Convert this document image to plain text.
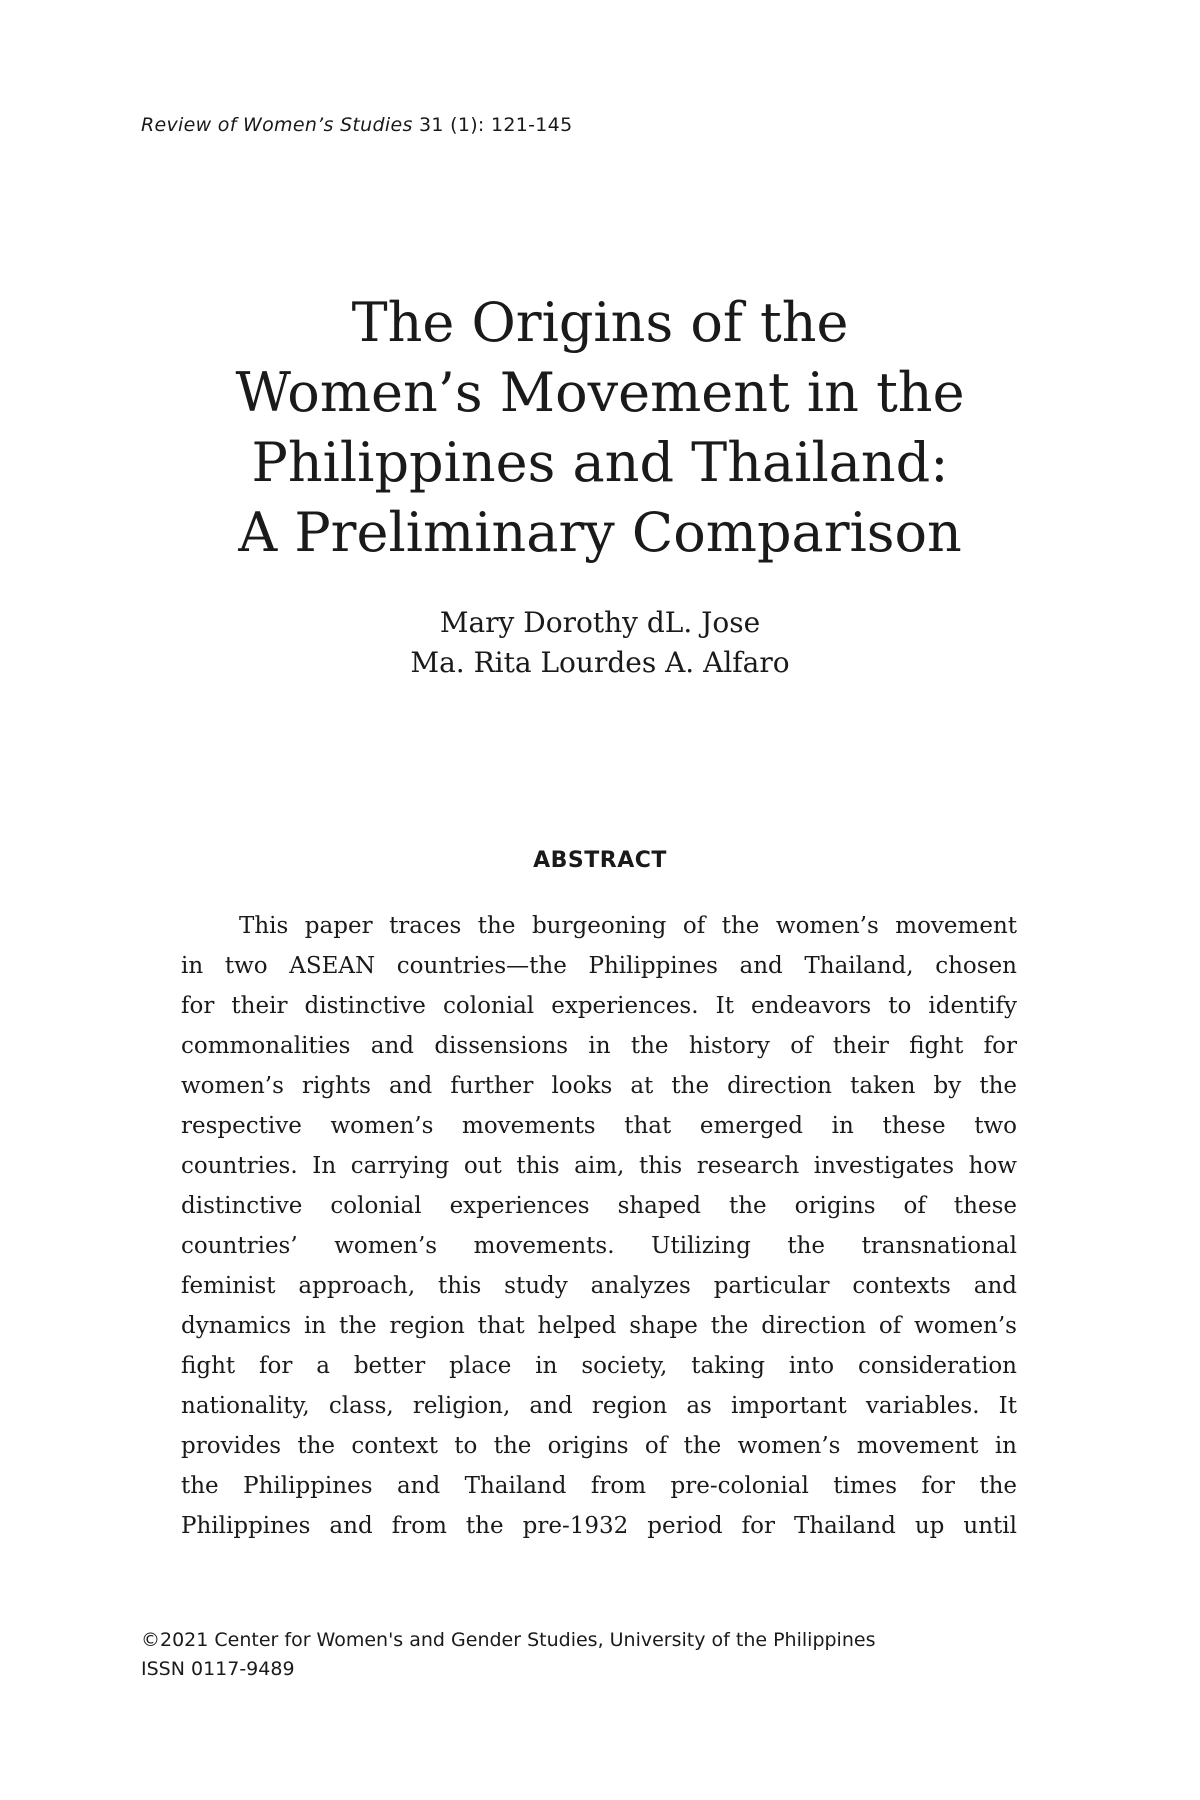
Review of Women’s Studies 31 (1): 121-145
The Origins of the
Women’s Movement in the
Philippines and Thailand:
A Preliminary Comparison
Mary Dorothy dL. Jose
Ma. Rita Lourdes A. Alfaro
ABSTRACT
This paper traces the burgeoning of the women’s movement
in two ASEAN countries—the Philippines and Thailand, chosen
for their distinctive colonial experiences. It endeavors to identify
commonalities and dissensions in the history of their fight for
women’s rights and further looks at the direction taken by the
respective women’s movements that emerged in these two
countries. In carrying out this aim, this research investigates how
distinctive colonial experiences shaped the origins of these
countries’ women’s movements. Utilizing the transnational
feminist approach, this study analyzes particular contexts and
dynamics in the region that helped shape the direction of women’s
fight for a better place in society, taking into consideration
nationality, class, religion, and region as important variables. It
provides the context to the origins of the women’s movement in
the Philippines and Thailand from pre-colonial times for the
Philippines and from the pre-1932 period for Thailand up until
©2021 Center for Women's and Gender Studies, University of the Philippines
ISSN 0117-9489
